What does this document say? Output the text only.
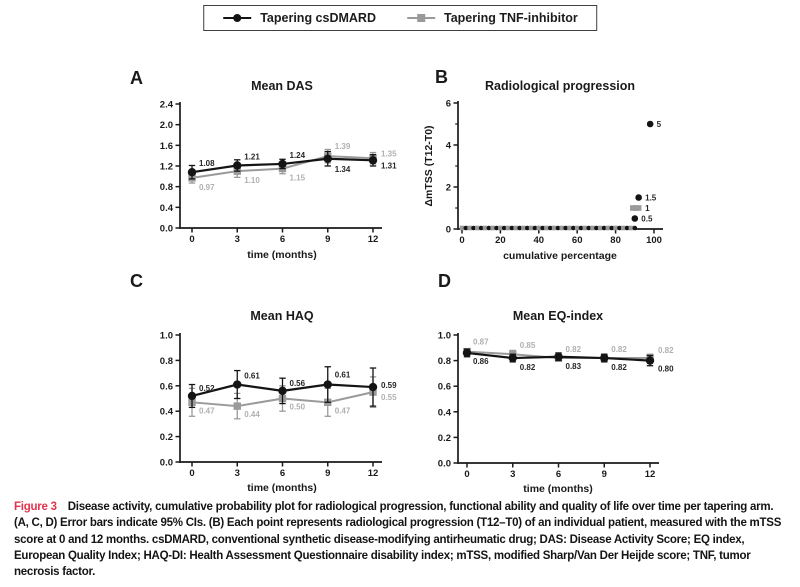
Tapering csDMARD	Tapering TNF-inhibitor
0	3	6	9	12
0.0
0.4
0.8
1.2
1.6
2.0
2.4
Mean DAS
A
time (months)
0.97
1.10	1.15
1.39
1.35
1.08
1.21	1.24
1.34	1.31
0	20	40	60	80	100
0
2
4
6
Radiological progression
B
cumulative percentage
ΔmTSS (T12-T0)
0.5
1
1.5
5
0	3	6	9	12
0.0
0.2
0.4
0.6
0.8
1.0
Mean HAQ
C
time (months)
0.47	0.44
0.50	0.47
0.55
0.52
0.61
0.56
0.61
0.59
0	3	6	9	12
0.0
0.2
0.4
0.6
0.8
1.0
Mean EQ-index
D
time (months)
0.87	0.85	0.82	0.82	0.82
0.86
0.82	0.83	0.82	0.80
Figure 3 Disease activity, cumulative probability plot for radiological progression, functional ability and quality of life over time per tapering arm. (A, C, D) Error bars indicate 95% CIs. (B) Each point represents radiological progression (T12–T0) of an individual patient, measured with the mTSS score at 0 and 12 months. csDMARD, conventional synthetic disease-modifying antirheumatic drug; DAS: Disease Activity Score; EQ index, European Quality Index; HAQ-DI: Health Assessment Questionnaire disability index; mTSS, modified Sharp/Van Der Heijde score; TNF, tumor necrosis factor.
